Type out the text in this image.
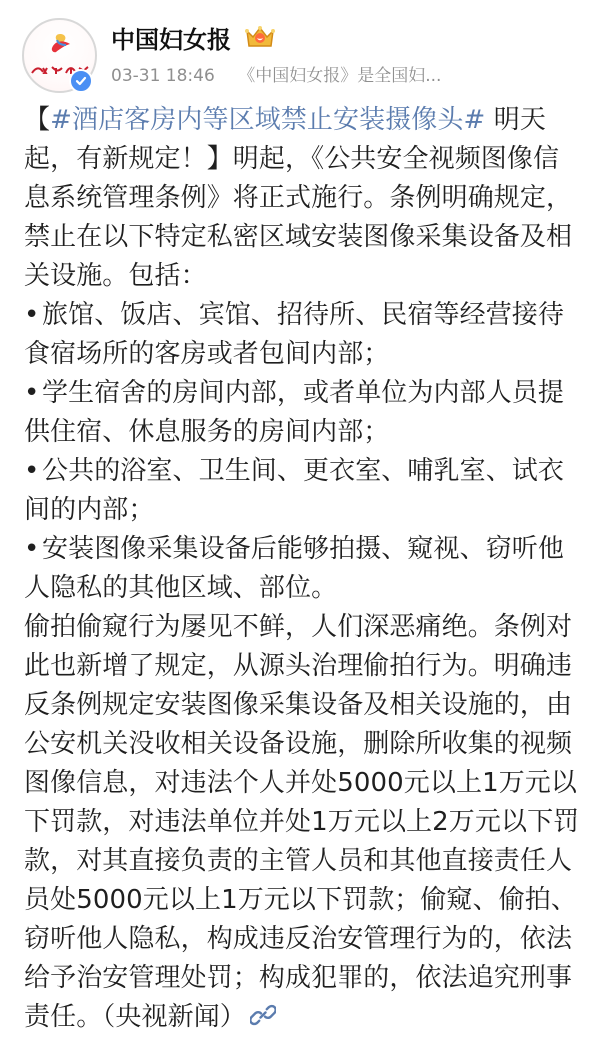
中国妇女报
03-31 18:46 《中国妇女报》是全国妇...

【#酒店客房内等区域禁止安装摄像头# 明天起，有新规定！】明起，《公共安全视频图像信息系统管理条例》将正式施行。条例明确规定，禁止在以下特定私密区域安装图像采集设备及相关设施。包括：

•旅馆、饭店、宾馆、招待所、民宿等经营接待食宿场所的客房或者包间内部；

•学生宿舍的房间内部，或者单位为内部人员提供住宿、休息服务的房间内部；

•公共的浴室、卫生间、更衣室、哺乳室、试衣间的内部；

•安装图像采集设备后能够拍摄、窥视、窃听他人隐私的其他区域、部位。

偷拍偷窥行为屡见不鲜，人们深恶痛绝。条例对此也新增了规定，从源头治理偷拍行为。明确违反条例规定安装图像采集设备及相关设施的，由公安机关没收相关设备设施，删除所收集的视频图像信息，对违法个人并处5000元以上1万元以下罚款，对违法单位并处1万元以上2万元以下罚款，对其直接负责的主管人员和其他直接责任人员处5000元以上1万元以下罚款；偷窥、偷拍、窃听他人隐私，构成违反治安管理行为的，依法给予治安管理处罚；构成犯罪的，依法追究刑事责任。（央视新闻）
